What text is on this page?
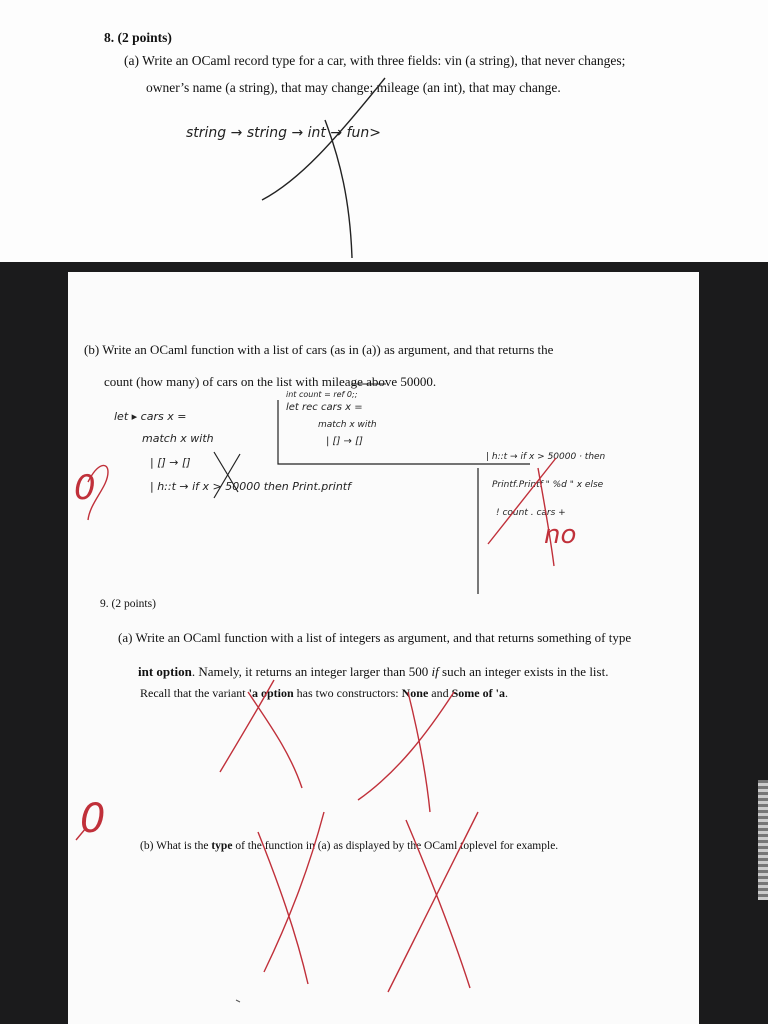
8. (2 points)
(a) Write an OCaml record type for a car, with three fields: vin (a string), that never changes;
owner’s name (a string), that may change; mileage (an int), that may change.
string → string → int → fun>
(b) Write an OCaml function with a list of cars (as in (a)) as argument, and that returns the
count (how many) of cars on the list with mileage above 50000.
let ▸ cars x =
match x with
| [] → []
| h::t → if x > 50000 then Print.printf
int count = ref 0;;
let rec cars x =
match x with
| [] → []
| h::t → if x > 50000 · then
Printf.Printf " %d " x else
! count . cars +
no
0
9. (2 points)
(a) Write an OCaml function with a list of integers as argument, and that returns something of type
int option. Namely, it returns an integer larger than 500 if such an integer exists in the list.
Recall that the variant 'a option has two constructors: None and Some of 'a.
0
(b) What is the type of the function in (a) as displayed by the OCaml toplevel for example.
